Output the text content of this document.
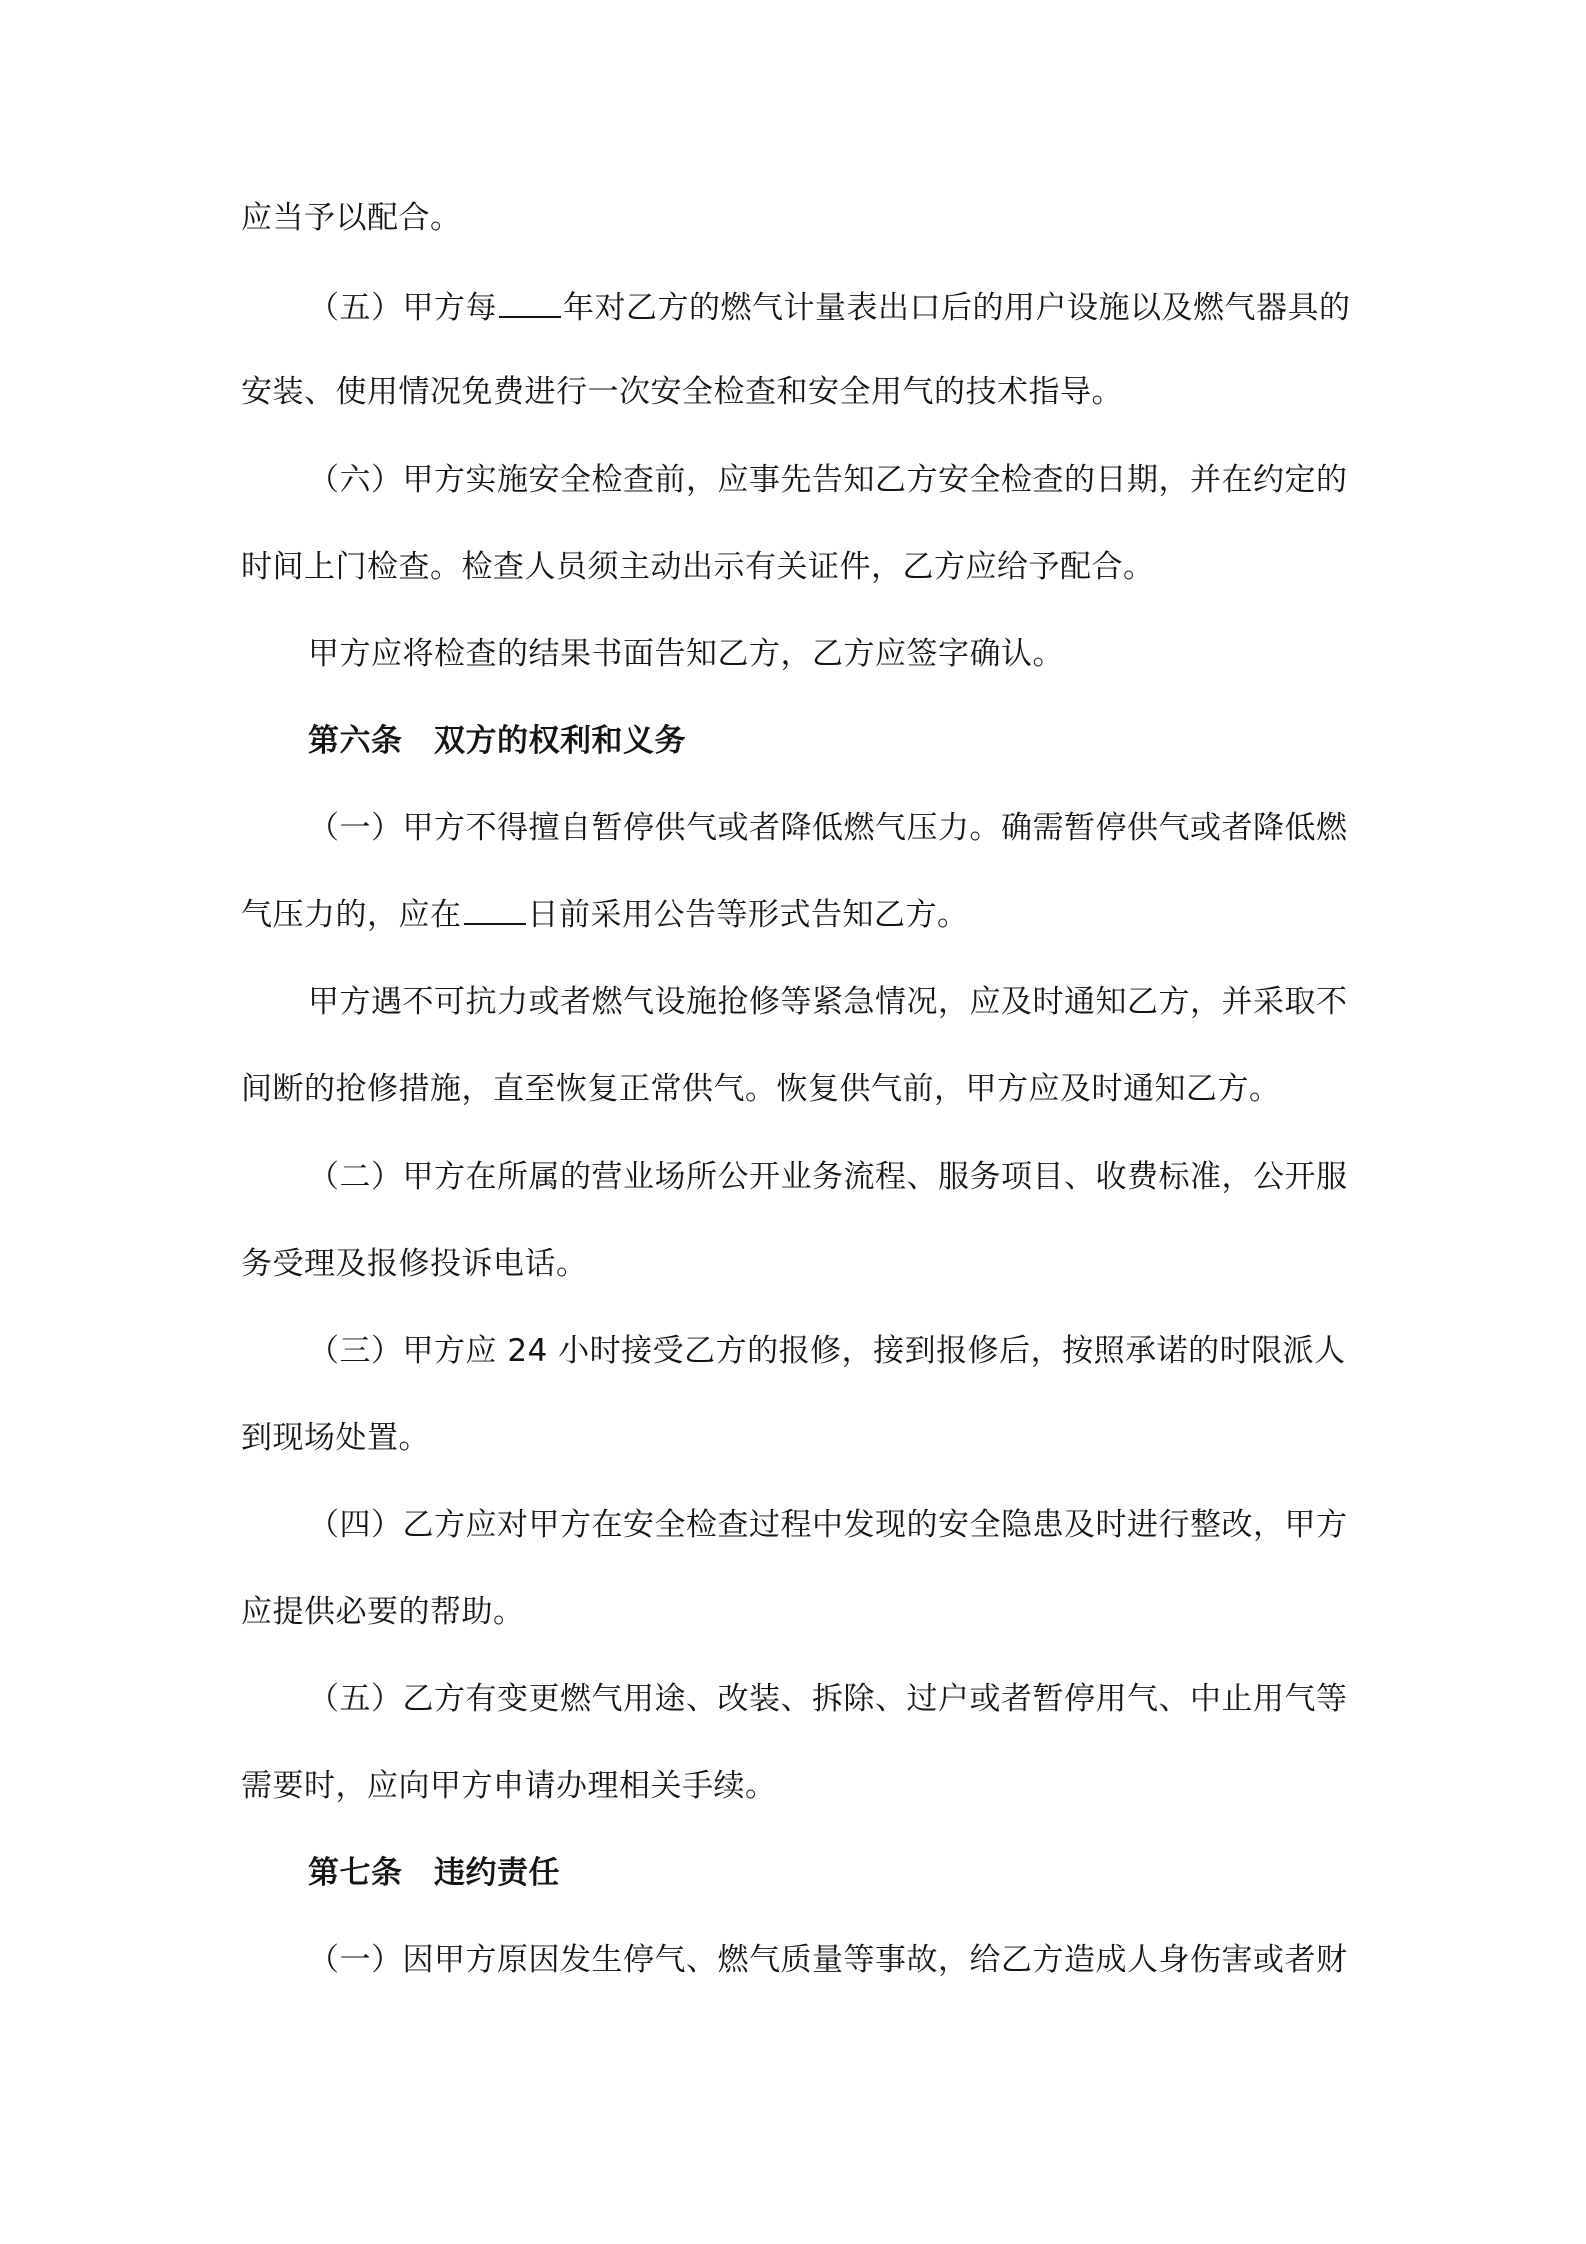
应当予以配合。
（五）甲方每 年对乙方的燃气计量表出口后的用户设施以及燃气器具的
安装、使用情况免费进行一次安全检查和安全用气的技术指导。
（六）甲方实施安全检查前，应事先告知乙方安全检查的日期，并在约定的
时间上门检查。检查人员须主动出示有关证件，乙方应给予配合。
甲方应将检查的结果书面告知乙方，乙方应签字确认。
第六条　双方的权利和义务
（一）甲方不得擅自暂停供气或者降低燃气压力。确需暂停供气或者降低燃
气压力的，应在 日前采用公告等形式告知乙方。
甲方遇不可抗力或者燃气设施抢修等紧急情况，应及时通知乙方，并采取不
间断的抢修措施，直至恢复正常供气。恢复供气前，甲方应及时通知乙方。
（二）甲方在所属的营业场所公开业务流程、服务项目、收费标准，公开服
务受理及报修投诉电话。
（三）甲方应 24 小时接受乙方的报修，接到报修后，按照承诺的时限派人
到现场处置。
（四）乙方应对甲方在安全检查过程中发现的安全隐患及时进行整改，甲方
应提供必要的帮助。
（五）乙方有变更燃气用途、改装、拆除、过户或者暂停用气、中止用气等
需要时，应向甲方申请办理相关手续。
第七条　违约责任
（一）因甲方原因发生停气、燃气质量等事故，给乙方造成人身伤害或者财
